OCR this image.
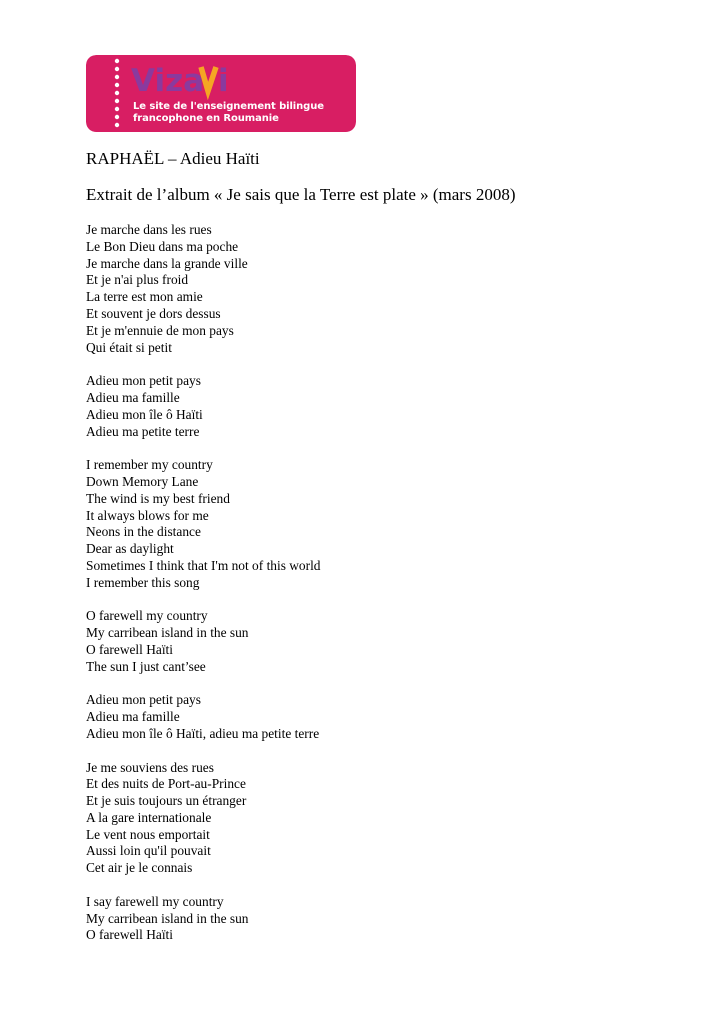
Viza i
Le site de l'enseignement bilingue
francophone en Roumanie
RAPHAËL – Adieu Haïti
Extrait de l’album « Je sais que la Terre est plate » (mars 2008)
Je marche dans les rues
Le Bon Dieu dans ma poche
Je marche dans la grande ville
Et je n'ai plus froid
La terre est mon amie
Et souvent je dors dessus
Et je m'ennuie de mon pays
Qui était si petit
Adieu mon petit pays
Adieu ma famille
Adieu mon île ô Haïti
Adieu ma petite terre
I remember my country
Down Memory Lane
The wind is my best friend
It always blows for me
Neons in the distance
Dear as daylight
Sometimes I think that I'm not of this world
I remember this song
O farewell my country
My carribean island in the sun
O farewell Haïti
The sun I just cant’see
Adieu mon petit pays
Adieu ma famille
Adieu mon île ô Haïti, adieu ma petite terre
Je me souviens des rues
Et des nuits de Port-au-Prince
Et je suis toujours un étranger
A la gare internationale
Le vent nous emportait
Aussi loin qu'il pouvait
Cet air je le connais
I say farewell my country
My carribean island in the sun
O farewell Haïti
